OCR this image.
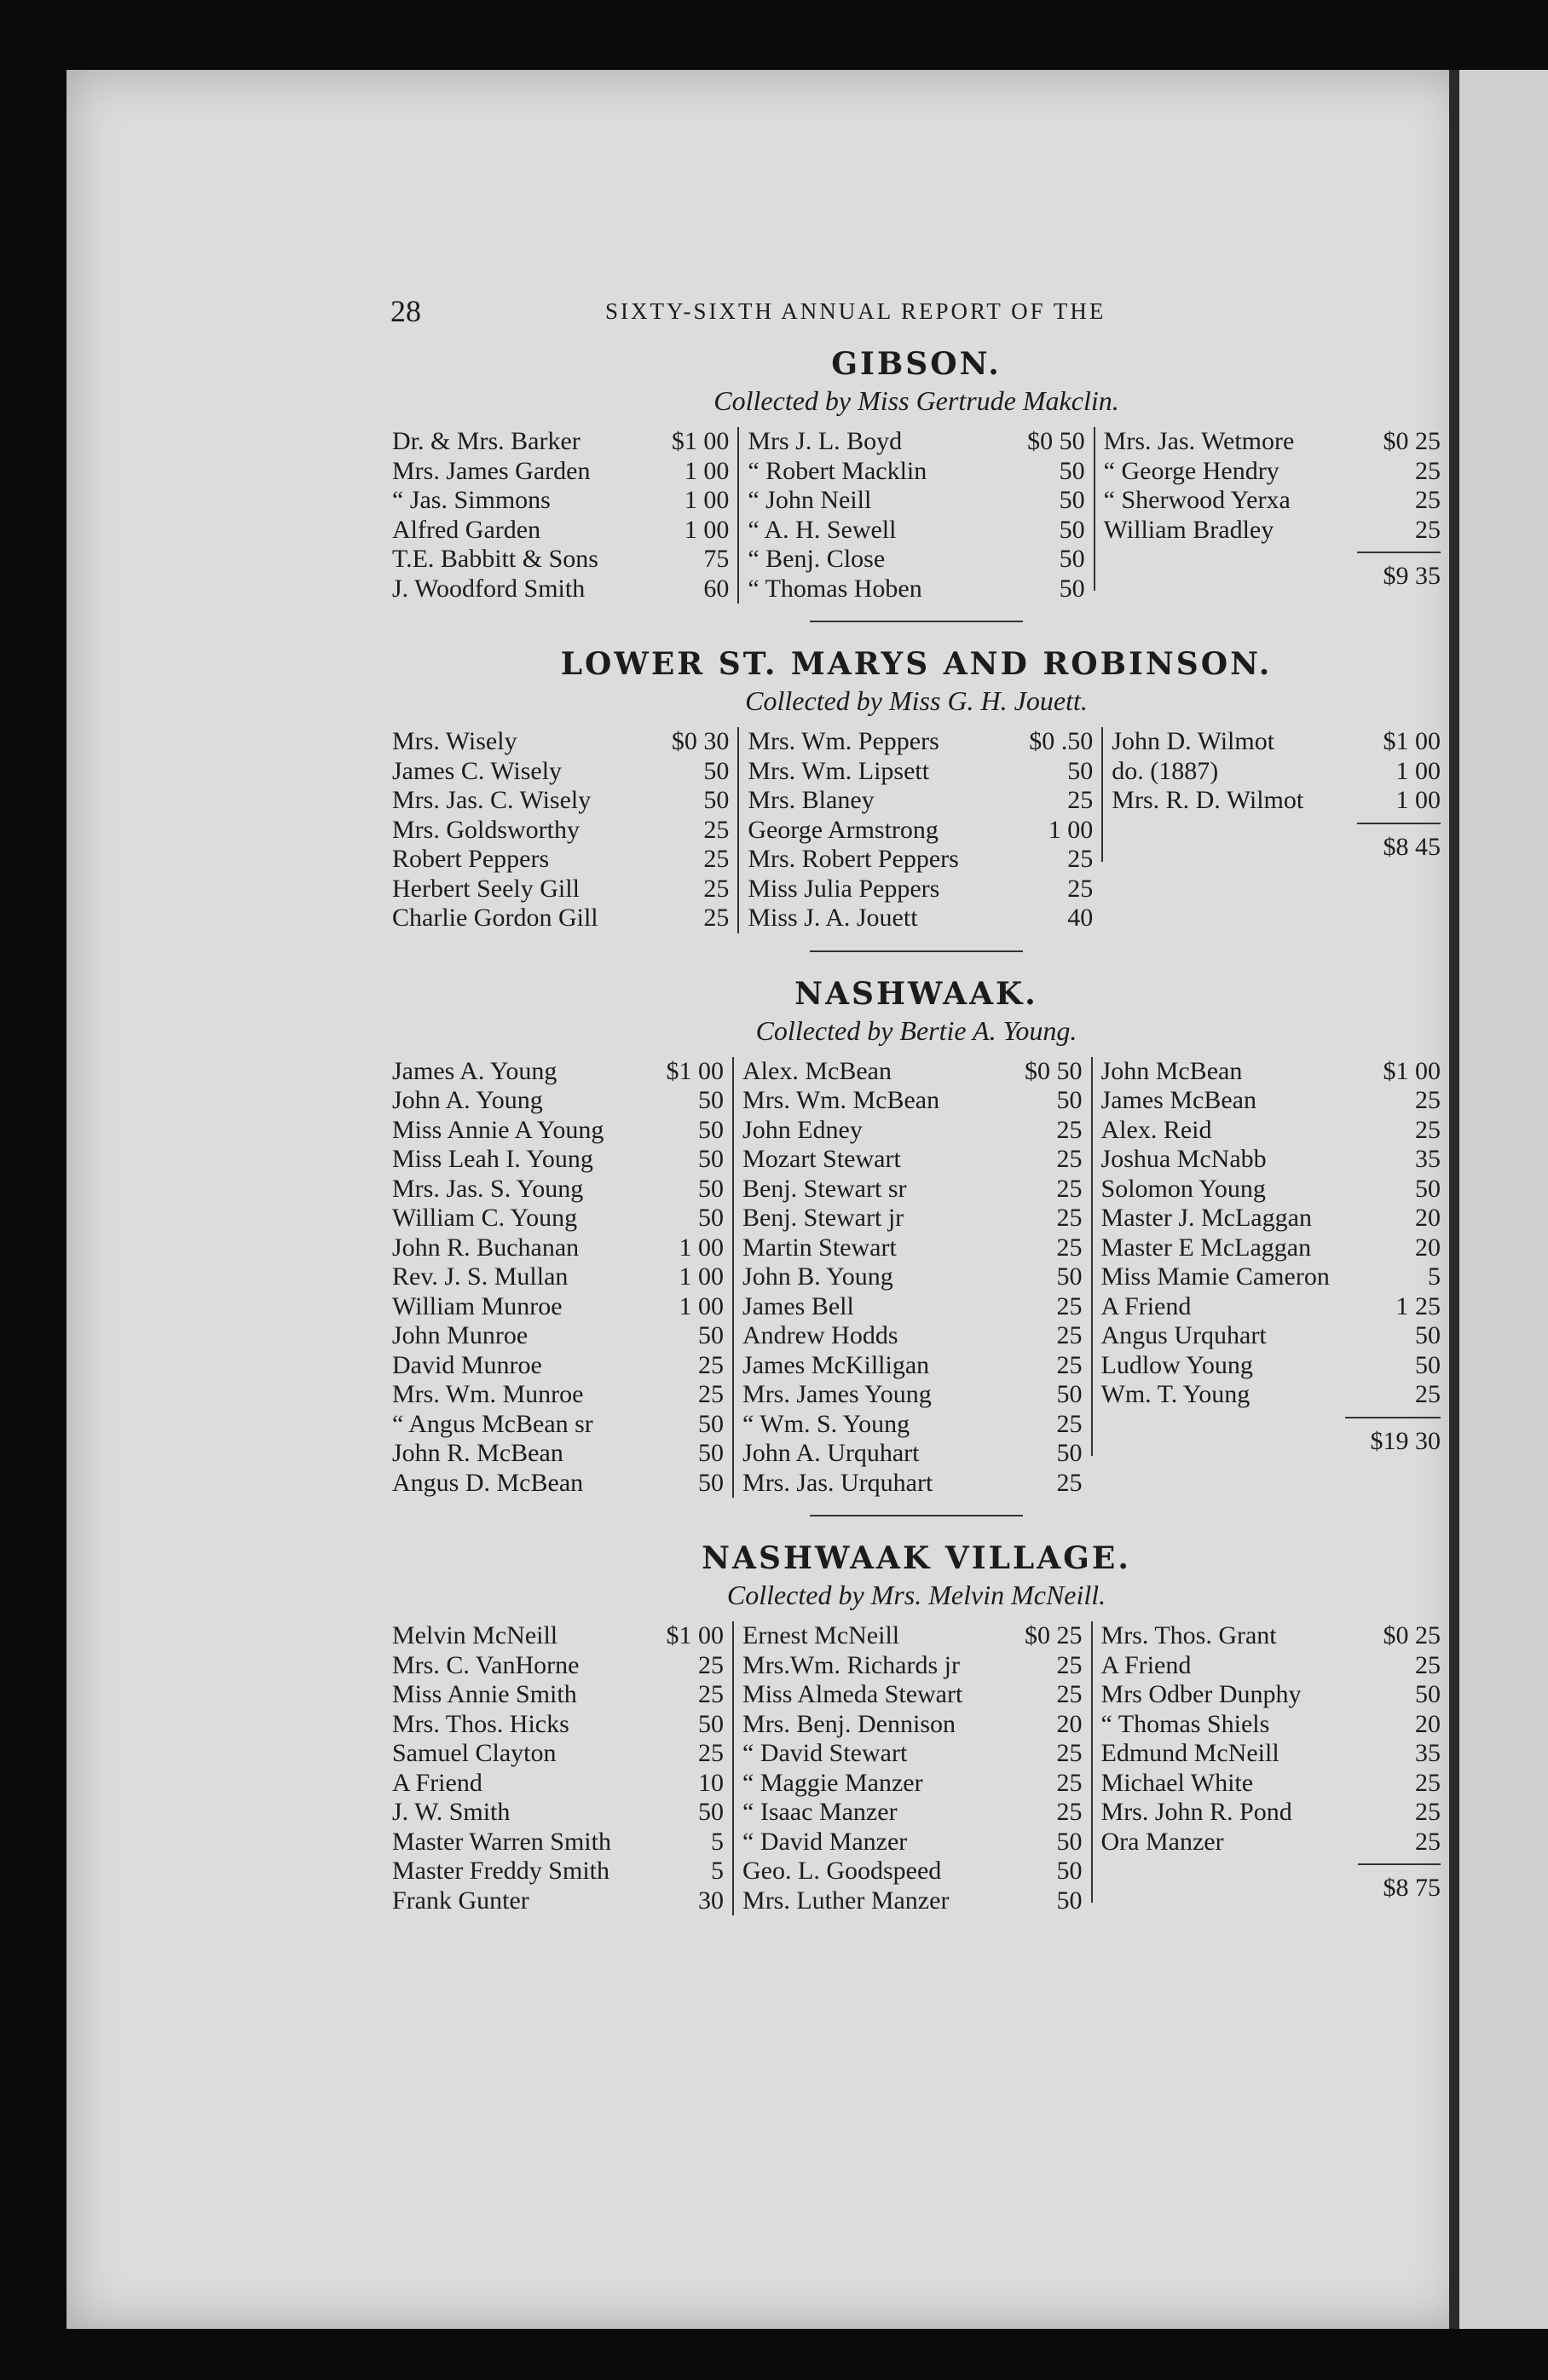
28	SIXTY-SIXTH ANNUAL REPORT OF THE
GIBSON.
Collected by Miss Gertrude Makclin.
Dr. & Mrs. Barker	$1 00
Mrs. James Garden	1 00
“ Jas. Simmons	1 00
Alfred Garden	1 00
T.E. Babbitt & Sons	75
J. Woodford Smith	60
Mrs J. L. Boyd	$0 50
“ Robert Macklin	50
“ John Neill	50
“ A. H. Sewell	50
“ Benj. Close	50
“ Thomas Hoben	50
Mrs. Jas. Wetmore	$0 25
“ George Hendry	25
“ Sherwood Yerxa	25
William Bradley	25
$9 35
LOWER ST. MARYS AND ROBINSON.
Collected by Miss G. H. Jouett.
Mrs. Wisely	$0 30
James C. Wisely	50
Mrs. Jas. C. Wisely	50
Mrs. Goldsworthy	25
Robert Peppers	25
Herbert Seely Gill	25
Charlie Gordon Gill	25
Mrs. Wm. Peppers	$0 .50
Mrs. Wm. Lipsett	50
Mrs. Blaney	25
George Armstrong	1 00
Mrs. Robert Peppers	25
Miss Julia Peppers	25
Miss J. A. Jouett	40
John D. Wilmot	$1 00
do. (1887)	1 00
Mrs. R. D. Wilmot	1 00
$8 45
NASHWAAK.
Collected by Bertie A. Young.
James A. Young	$1 00
John A. Young	50
Miss Annie A Young	50
Miss Leah I. Young	50
Mrs. Jas. S. Young	50
William C. Young	50
John R. Buchanan	1 00
Rev. J. S. Mullan	1 00
William Munroe	1 00
John Munroe	50
David Munroe	25
Mrs. Wm. Munroe	25
“ Angus McBean sr	50
John R. McBean	50
Angus D. McBean	50
Alex. McBean	$0 50
Mrs. Wm. McBean	50
John Edney	25
Mozart Stewart	25
Benj. Stewart sr	25
Benj. Stewart jr	25
Martin Stewart	25
John B. Young	50
James Bell	25
Andrew Hodds	25
James McKilligan	25
Mrs. James Young	50
“ Wm. S. Young	25
John A. Urquhart	50
Mrs. Jas. Urquhart	25
John McBean	$1 00
James McBean	25
Alex. Reid	25
Joshua McNabb	35
Solomon Young	50
Master J. McLaggan	20
Master E McLaggan	20
Miss Mamie Cameron	5
A Friend	1 25
Angus Urquhart	50
Ludlow Young	50
Wm. T. Young	25
$19 30
NASHWAAK VILLAGE.
Collected by Mrs. Melvin McNeill.
Melvin McNeill	$1 00
Mrs. C. VanHorne	25
Miss Annie Smith	25
Mrs. Thos. Hicks	50
Samuel Clayton	25
A Friend	10
J. W. Smith	50
Master Warren Smith	5
Master Freddy Smith	5
Frank Gunter	30
Ernest McNeill	$0 25
Mrs.Wm. Richards jr	25
Miss Almeda Stewart	25
Mrs. Benj. Dennison	20
“ David Stewart	25
“ Maggie Manzer	25
“ Isaac Manzer	25
“ David Manzer	50
Geo. L. Goodspeed	50
Mrs. Luther Manzer	50
Mrs. Thos. Grant	$0 25
A Friend	25
Mrs Odber Dunphy	50
“ Thomas Shiels	20
Edmund McNeill	35
Michael White	25
Mrs. John R. Pond	25
Ora Manzer	25
$8 75
